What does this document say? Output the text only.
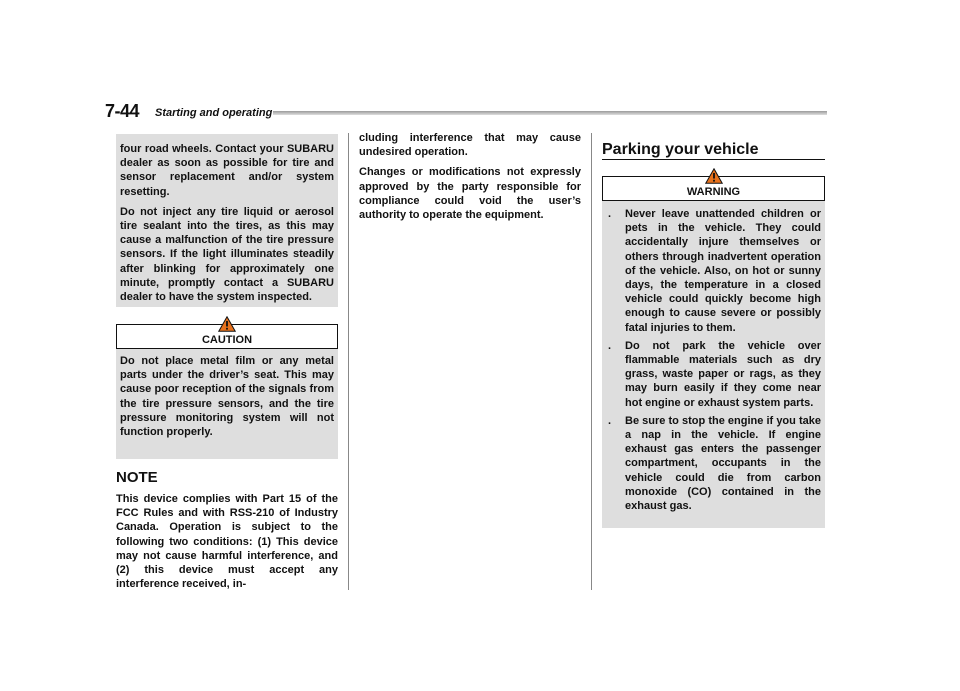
7-44 Starting and operating

four road wheels. Contact your SUBARU dealer as soon as possible for tire and sensor replacement and/or system resetting.

Do not inject any tire liquid or aerosol tire sealant into the tires, as this may cause a malfunction of the tire pressure sensors. If the light illuminates steadily after blinking for approximately one minute, promptly contact a SUBARU dealer to have the system inspected.

CAUTION
Do not place metal film or any metal parts under the driver’s seat. This may cause poor reception of the signals from the tire pressure sensors, and the tire pressure monitoring system will not function properly.
NOTE
This device complies with Part 15 of the FCC Rules and with RSS-210 of Industry Canada. Operation is subject to the following two conditions: (1) This device may not cause harmful interference, and (2) this device must accept any interference received, in-

cluding interference that may cause undesired operation.

Changes or modifications not expressly approved by the party responsible for compliance could void the user’s authority to operate the equipment.

Parking your vehicle
WARNING
. Never leave unattended children or pets in the vehicle. They could accidentally injure themselves or others through inadvertent operation of the vehicle. Also, on hot or sunny days, the temperature in a closed vehicle could quickly become high enough to cause severe or possibly fatal injuries to them.
. Do not park the vehicle over flammable materials such as dry grass, waste paper or rags, as they may burn easily if they come near hot engine or exhaust system parts.
. Be sure to stop the engine if you take a nap in the vehicle. If engine exhaust gas enters the passenger compartment, occupants in the vehicle could die from carbon monoxide (CO) contained in the exhaust gas.
